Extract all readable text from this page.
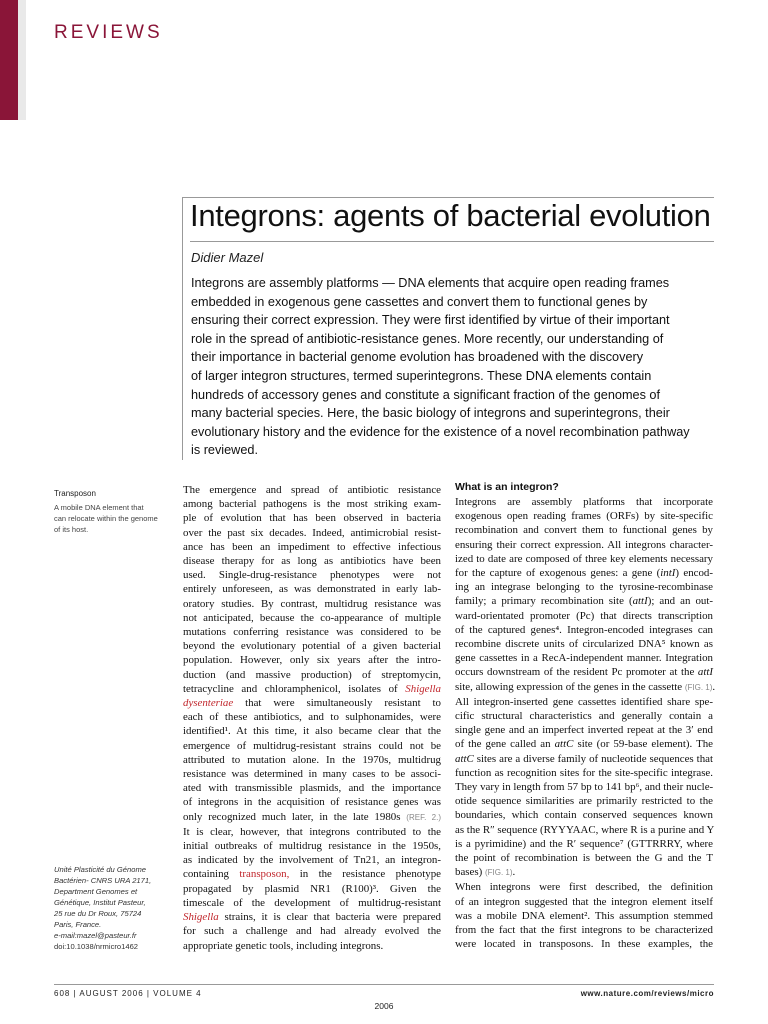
REVIEWS
Integrons: agents of bacterial evolution
Didier Mazel
Integrons are assembly platforms — DNA elements that acquire open reading frames
embedded in exogenous gene cassettes and convert them to functional genes by
ensuring their correct expression. They were first identified by virtue of their important
role in the spread of antibiotic-resistance genes. More recently, our understanding of
their importance in bacterial genome evolution has broadened with the discovery
of larger integron structures, termed superintegrons. These DNA elements contain
hundreds of accessory genes and constitute a significant fraction of the genomes of
many bacterial species. Here, the basic biology of integrons and superintegrons, their
evolutionary history and the evidence for the existence of a novel recombination pathway
is reviewed.
Transposon
A mobile DNA element that
can relocate within the genome
of its host.
Unité Plasticité du Génome
Bactérien- CNRS URA 2171,
Department Genomes et
Génétique, Institut Pasteur,
25 rue du Dr Roux, 75724
Paris, France.
e-mail:mazel@pasteur.fr
doi:10.1038/nrmicro1462
The emergence and spread of antibiotic resistance
among bacterial pathogens is the most striking exam-
ple of evolution that has been observed in bacteria
over the past six decades. Indeed, antimicrobial resist-
ance has been an impediment to effective infectious
disease therapy for as long as antibiotics have been
used. Single-drug-resistance phenotypes were not
entirely unforeseen, as was demonstrated in early lab-
oratory studies. By contrast, multidrug resistance was
not anticipated, because the co-appearance of multiple
mutations conferring resistance was considered to be
beyond the evolutionary potential of a given bacterial
population. However, only six years after the intro-
duction (and massive production) of streptomycin,
tetracycline and chloramphenicol, isolates of Shigella
dysenteriae that were simultaneously resistant to
each of these antibiotics, and to sulphonamides, were
identified¹. At this time, it also became clear that the
emergence of multidrug-resistant strains could not be
attributed to mutation alone. In the 1970s, multidrug
resistance was determined in many cases to be associ-
ated with transmissible plasmids, and the importance
of integrons in the acquisition of resistance genes was
only recognized much later, in the late 1980s (REF. 2.)
It is clear, however, that integrons contributed to the
initial outbreaks of multidrug resistance in the 1950s,
as indicated by the involvement of Tn21, an integron-
containing transposon, in the resistance phenotype
propagated by plasmid NR1 (R100)³. Given the
timescale of the development of multidrug-resistant
Shigella strains, it is clear that bacteria were prepared
for such a challenge and had already evolved the
appropriate genetic tools, including integrons.
What is an integron?
Integrons are assembly platforms that incorporate
exogenous open reading frames (ORFs) by site-specific
recombination and convert them to functional genes by
ensuring their correct expression. All integrons character-
ized to date are composed of three key elements necessary
for the capture of exogenous genes: a gene (intI) encod-
ing an integrase belonging to the tyrosine-recombinase
family; a primary recombination site (attI); and an out-
ward-orientated promoter (Pc) that directs transcription
of the captured genes⁴. Integron-encoded integrases can
recombine discrete units of circularized DNA⁵ known as
gene cassettes in a RecA-independent manner. Integration
occurs downstream of the resident Pc promoter at the attI
site, allowing expression of the genes in the cassette (FIG. 1).
All integron-inserted gene cassettes identified share spe-
cific structural characteristics and generally contain a
single gene and an imperfect inverted repeat at the 3′ end
of the gene called an attC site (or 59-base element). The
attC sites are a diverse family of nucleotide sequences that
function as recognition sites for the site-specific integrase.
They vary in length from 57 bp to 141 bp⁶, and their nucle-
otide sequence similarities are primarily restricted to the
boundaries, which contain conserved sequences known
as the R″ sequence (RYYYAAC, where R is a purine and Y
is a pyrimidine) and the R′ sequence⁷ (GTTRRRY, where
the point of recombination is between the G and the T
bases) (FIG. 1).
When integrons were first described, the definition
of an integron suggested that the integron element itself
was a mobile DNA element². This assumption stemmed
from the fact that the first integrons to be characterized
were located in transposons. In these examples, the
608 | AUGUST 2006 | VOLUME 4	www.nature.com/reviews/micro
2006
